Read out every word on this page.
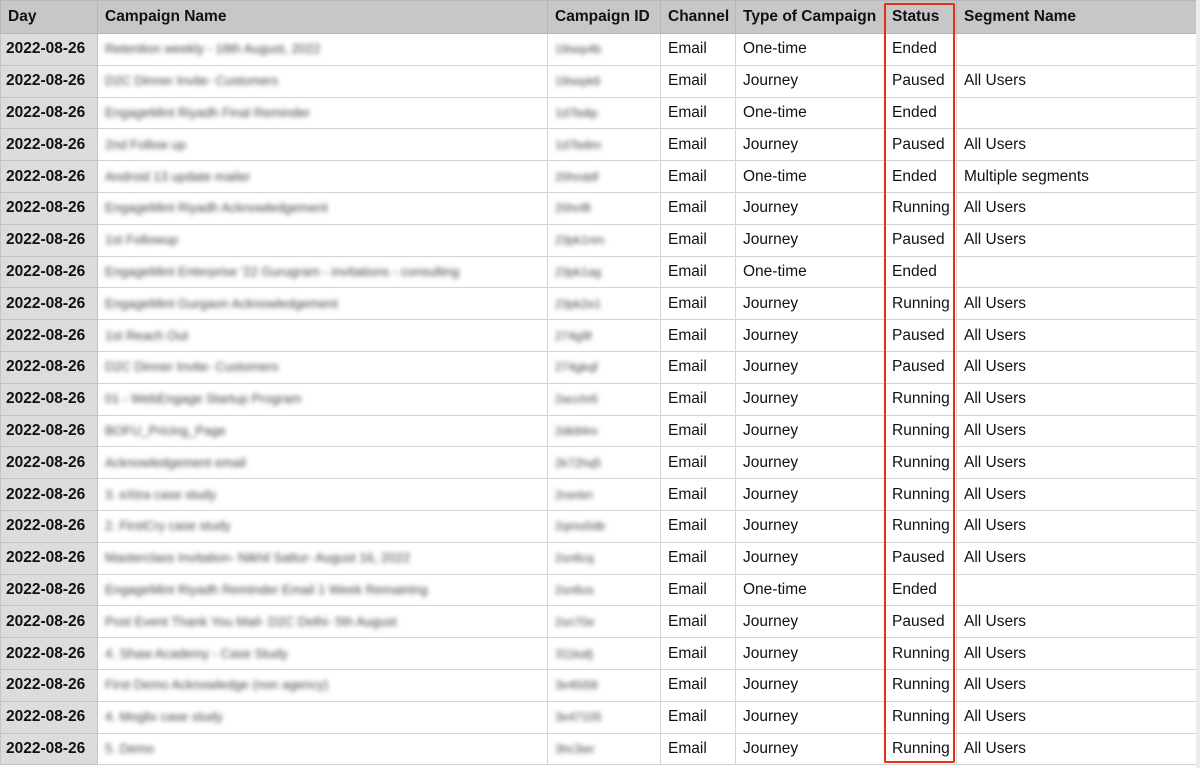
Day	Campaign Name	Campaign ID	Channel	Type of Campaign	Status	Segment Name
2022-08-26	Retention weekly - 18th August, 2022	19sep4b	Email	One-time	Ended	
2022-08-26	D2C Dinner Invite- Customers	19sepk6	Email	Journey	Paused	All Users
2022-08-26	EngageMint Riyadh Final Reminder	1d7bdip	Email	One-time	Ended	
2022-08-26	2nd Follow up	1d7bdim	Email	Journey	Paused	All Users
2022-08-26	Android 13 update mailer	20hnddf	Email	One-time	Ended	Multiple segments
2022-08-26	EngageMint Riyadh Acknowledgement	20hnffi	Email	Journey	Running	All Users
2022-08-26	1st Followup	23pk1nm	Email	Journey	Paused	All Users
2022-08-26	EngageMint Enterprise '22 Gurugram - invitations - consulting	23pk1ag	Email	One-time	Ended	
2022-08-26	EngageMint Gurgaon Acknowledgement	23pk2e1	Email	Journey	Running	All Users
2022-08-26	1st Reach Out	274g9f	Email	Journey	Paused	All Users
2022-08-26	D2C Dinner Invite- Customers	274gkqf	Email	Journey	Paused	All Users
2022-08-26	01 - WebEngage Startup Program	2acchr6	Email	Journey	Running	All Users
2022-08-26	BOFU_Pricing_Page	2dk84m	Email	Journey	Running	All Users
2022-08-26	Acknowledgement email	2k72hq5	Email	Journey	Running	All Users
2022-08-26	3. eXtra case study	2nerbri	Email	Journey	Running	All Users
2022-08-26	2. FirstCry case study	2qmo0db	Email	Journey	Running	All Users
2022-08-26	Masterclass Invitation- Nikhil Sattur- August 16, 2022	2sn6cq	Email	Journey	Paused	All Users
2022-08-26	EngageMint Riyadh Reminder Email 1 Week Remaining	2sn6os	Email	One-time	Ended	
2022-08-26	Post Event Thank You Mail- D2C Delhi- 5th August	2sn70e	Email	Journey	Paused	All Users
2022-08-26	4. Shaw Academy - Case Study	311kafj	Email	Journey	Running	All Users
2022-08-26	First Demo Acknowledge (non agency)	3e45i58	Email	Journey	Running	All Users
2022-08-26	4. Moglix case study	3e47105	Email	Journey	Running	All Users
2022-08-26	5. Demo	3hc3ier	Email	Journey	Running	All Users
